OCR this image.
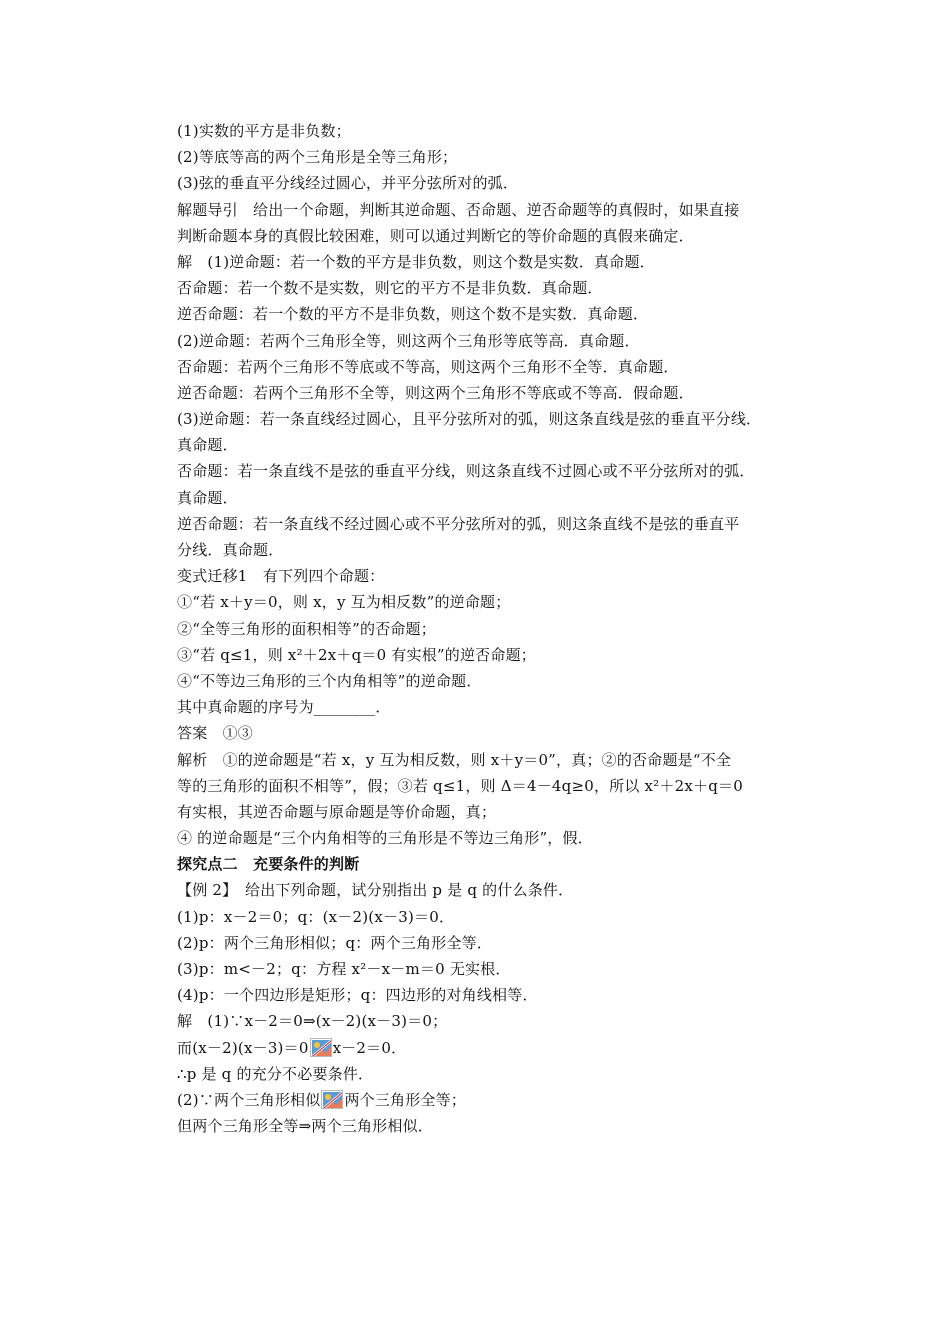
(1)实数的平方是非负数；
(2)等底等高的两个三角形是全等三角形；
(3)弦的垂直平分线经过圆心，并平分弦所对的弧．
解题导引　给出一个命题，判断其逆命题、否命题、逆否命题等的真假时，如果直接
判断命题本身的真假比较困难，则可以通过判断它的等价命题的真假来确定．
解　(1)逆命题：若一个数的平方是非负数，则这个数是实数．真命题．
否命题：若一个数不是实数，则它的平方不是非负数．真命题．
逆否命题：若一个数的平方不是非负数，则这个数不是实数．真命题．
(2)逆命题：若两个三角形全等，则这两个三角形等底等高．真命题．
否命题：若两个三角形不等底或不等高，则这两个三角形不全等．真命题．
逆否命题：若两个三角形不全等，则这两个三角形不等底或不等高．假命题．
(3)逆命题：若一条直线经过圆心，且平分弦所对的弧，则这条直线是弦的垂直平分线．
真命题．
否命题：若一条直线不是弦的垂直平分线，则这条直线不过圆心或不平分弦所对的弧．
真命题．
逆否命题：若一条直线不经过圆心或不平分弦所对的弧，则这条直线不是弦的垂直平
分线．真命题．
变式迁移1　有下列四个命题：
①“若 x＋y＝0，则 x，y 互为相反数”的逆命题；
②“全等三角形的面积相等”的否命题；
③“若 q≤1，则 x²＋2x＋q＝0 有实根”的逆否命题；
④“不等边三角形的三个内角相等”的逆命题．
其中真命题的序号为________．
答案　①③
解析　①的逆命题是“若 x，y 互为相反数，则 x＋y＝0”，真；②的否命题是“不全
等的三角形的面积不相等”，假；③若 q≤1，则 Δ＝4－4q≥0，所以 x²＋2x＋q＝0
有实根，其逆否命题与原命题是等价命题，真；
④ 的逆命题是“三个内角相等的三角形是不等边三角形”，假．
探究点二　充要条件的判断
【例 2】　给出下列命题，试分别指出 p 是 q 的什么条件．
(1)p：x－2＝0；q：(x－2)(x－3)＝0．
(2)p：两个三角形相似；q：两个三角形全等．
(3)p：m<－2；q：方程 x²－x－m＝0 无实根．
(4)p：一个四边形是矩形；q：四边形的对角线相等．
解　(1)∵x－2＝0⇒(x－2)(x－3)＝0；
而(x－2)(x－3)＝0 x－2＝0．
∴p 是 q 的充分不必要条件．
(2)∵两个三角形相似 两个三角形全等；
但两个三角形全等⇒两个三角形相似．
